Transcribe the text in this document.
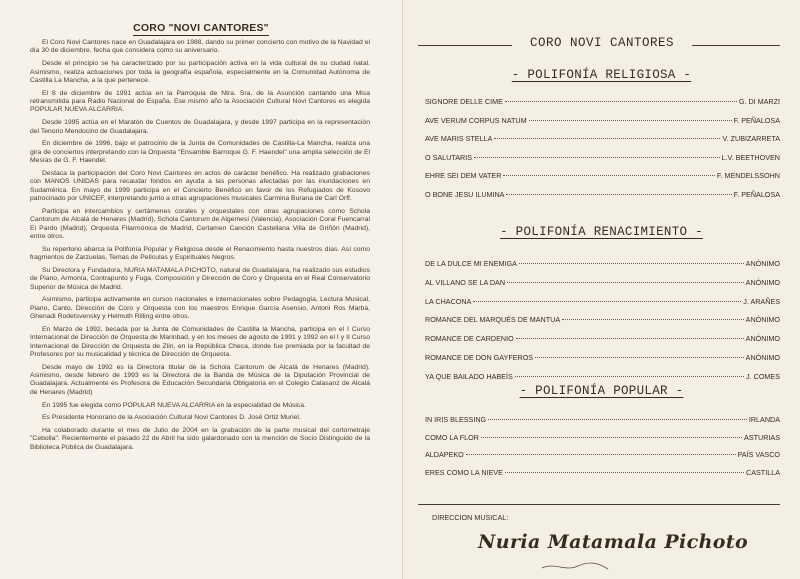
CORO "NOVI CANTORES"

El Coro Novi Cantores nace en Guadalajara en 1988, dando su primer concierto con motivo de la Navidad el día 30 de diciembre, fecha que considera como su aniversario.

Desde el principio se ha caracterizado por su participación activa en la vida cultural de su ciudad natal. Asimismo, realiza actuaciones por toda la geografía española, especialmente en la Comunidad Autónoma de Castilla La Mancha, a la que pertenece.

El 8 de diciembre de 1991 actúa en la Parroquia de Ntra. Sra. de la Asunción cantando una Misa retransmitida para Radio Nacional de España. Ese mismo año la Asociación Cultural Novi Cantores es elegida POPULAR NUEVA ALCARRIA.

Desde 1995 actúa en el Maratón de Cuentos de Guadalajara, y desde 1997 participa en la representación del Tenorio Mendocino de Guadalajara.

En diciembre de 1996, bajo el patrocinio de la Junta de Comunidades de Castilla-La Mancha, realiza una gira de conciertos interpretando con la Orquesta "Ensamble Barroque G. F. Haendel" una amplia selección de El Mesías de G. F. Haendel.

Destaca la participación del Coro Novi Cantores en actos de carácter benéfico. Ha realizado grabaciones con MANOS UNIDAS para recaudar fondos en ayuda a las personas afectadas por las inundaciones en Sudamérica. En mayo de 1999 participa en el Concierto Benéfico en favor de los Refugiados de Kosovo patrocinado por UNICEF, interpretando junto a otras agrupaciones musicales Carmina Burana de Carl Orff.

Participa en intercambios y certámenes corales y orquestales con otras agrupaciones como Schola Cantorum de Alcalá de Henares (Madrid), Schola Cantorum de Algemesí (Valencia), Asociación Coral Fuencarral El Pardo (Madrid), Orquesta Filarmónica de Madrid, Certamen Canción Castellana Villa de Griñón (Madrid), entre otros.

Su repertorio abarca la Polifonía Popular y Religiosa desde el Renacimiento hasta nuestros días. Así como fragmentos de Zarzuelas, Temas de Películas y Espirituales Negros.

Su Directora y Fundadora, NURIA MATAMALA PICHOTO, natural de Guadalajara, ha realizado sus estudios de Piano, Armonía, Contrapunto y Fuga, Composición y Dirección de Coro y Orquesta en el Real Conservatorio Superior de Música de Madrid.

Asimismo, participa activamente en cursos nacionales e internacionales sobre Pedagogía, Lectura Musical, Piano, Canto, Dirección de Coro y Orquesta con los maestros Enrique García Asensio, Antoni Ros Marbà, Ghenadi Rodetsvensky y Helmuth Rilling entre otros.

En Marzo de 1992, becada por la Junta de Comunidades de Castilla la Mancha, participa en el I Curso Internacional de Dirección de Orquesta de Marinbad, y en los meses de agosto de 1991 y 1992 en el I y II Curso Internacional de Dirección de Orquesta de Zlin, en la República Checa, donde fue premiada por la facultad de Profesores por su musicalidad y técnica de Dirección de Orquesta.

Desde mayo de 1992 es la Directora titular de la Schola Cantorum de Alcalá de Henares (Madrid). Asimismo, desde febrero de 1993 es la Directora de la Banda de Música de la Diputación Provincial de Guadalajara. Actualmente es Profesora de Educación Secundaria Obligatoria en el Colegio Calasanz de Alcalá de Henares (Madrid)

En 1995 fue elegida como POPULAR NUEVA ALCARRIA en la especialidad de Música.

Es Presidente Honorario de la Asociación Cultural Novi Cantores D. José Ortiz Muriel.

Ha colaborado durante el mes de Julio de 2004 en la grabación de la parte musical del cortometraje "Cebolla". Recientemente el pasado 22 de Abril ha sido galardonado con la mención de Socio Distinguido de la Biblioteca Pública de Guadalajara.

CORO NOVI CANTORES
- POLIFONÍA RELIGIOSA -
SIGNORE DELLE CIME	G. DI MARZI
AVE VERUM CORPUS NATUM	F. PEÑALOSA
AVE MARIS STELLA	V. ZUBIZARRETA
O SALUTARIS	L.V. BEETHOVEN
EHRE SEI DEM VATER	F. MENDELSSOHN
O BONE JESU ILUMINA	F. PEÑALOSA
- POLIFONÍA RENACIMIENTO -
DE LA DULCE MI ENEMIGA	ANÓNIMO
AL VILLANO SE LA DAN	ANÓNIMO
LA CHACONA	J. ARAÑES
ROMANCE DEL MARQUÉS DE MANTUA	ANÓNIMO
ROMANCE DE CARDENIO	ANÓNIMO
ROMANCE DE DON GAYFEROS	ANÓNIMO
YA QUE BAILADO HABEÍS	J. COMES
- POLIFONÍA POPULAR -
IN IRIS BLESSING	IRLANDA
COMO LA FLOR	ASTURIAS
ALDAPEKO	PAÍS VASCO
ERES COMO LA NIEVE	CASTILLA
DIRECCION MUSICAL:
Nuria Matamala Pichoto
